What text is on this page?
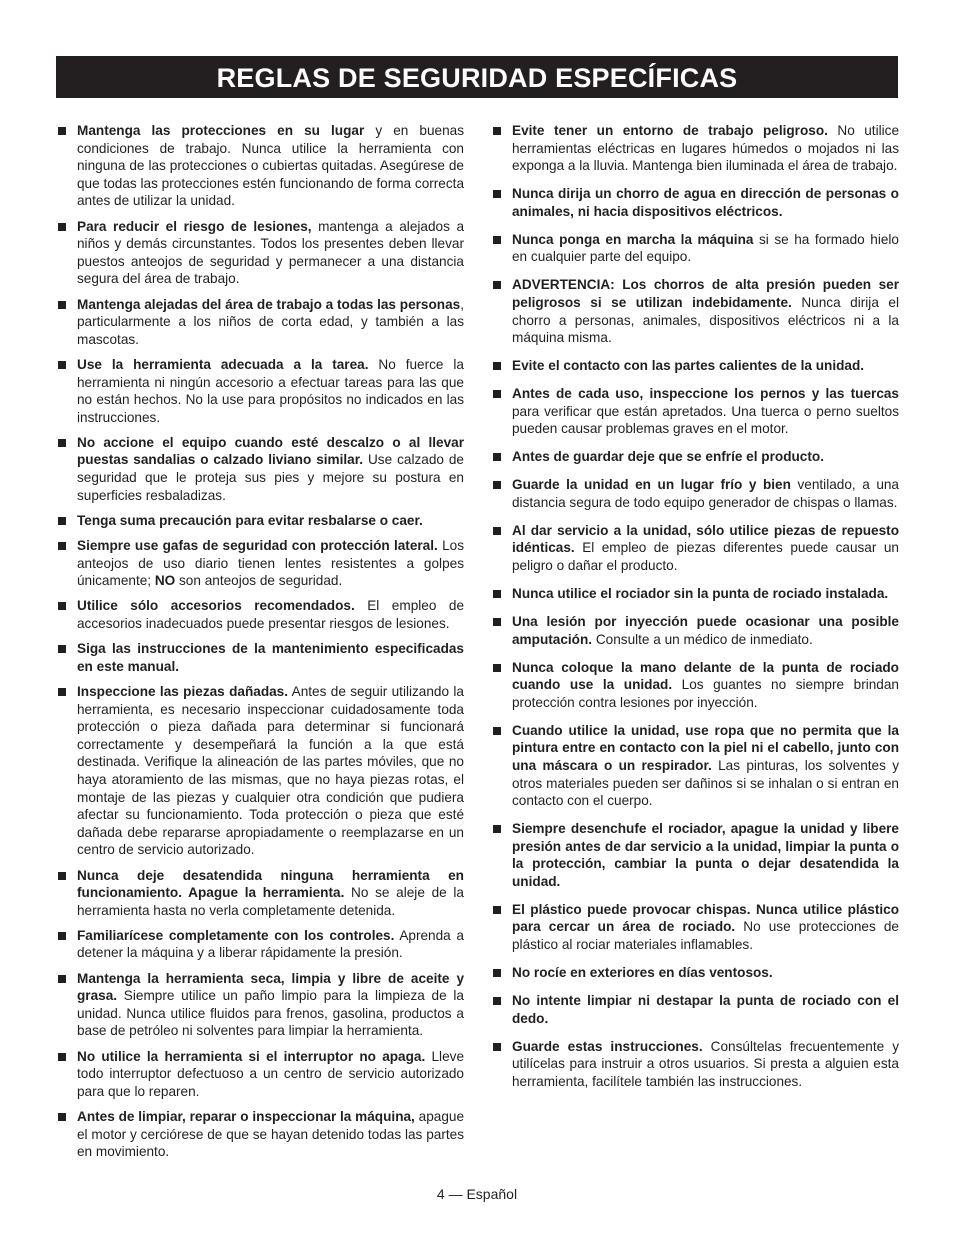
REGLAS DE SEGURIDAD ESPECÍFICAS
Mantenga las protecciones en su lugar y en buenas condiciones de trabajo. Nunca utilice la herramienta con ninguna de las protecciones o cubiertas quitadas. Asegúrese de que todas las protecciones estén funcionando de forma correcta antes de utilizar la unidad.
Para reducir el riesgo de lesiones, mantenga a alejados a niños y demás circunstantes. Todos los presentes deben llevar puestos anteojos de seguridad y permanecer a una distancia segura del área de trabajo.
Mantenga alejadas del área de trabajo a todas las personas, particularmente a los niños de corta edad, y también a las mascotas.
Use la herramienta adecuada a la tarea. No fuerce la herramienta ni ningún accesorio a efectuar tareas para las que no están hechos. No la use para propósitos no indicados en las instrucciones.
No accione el equipo cuando esté descalzo o al llevar puestas sandalias o calzado liviano similar. Use calzado de seguridad que le proteja sus pies y mejore su postura en superficies resbaladizas.
Tenga suma precaución para evitar resbalarse o caer.
Siempre use gafas de seguridad con protección lateral. Los anteojos de uso diario tienen lentes resistentes a golpes únicamente; NO son anteojos de seguridad.
Utilice sólo accesorios recomendados. El empleo de accesorios inadecuados puede presentar riesgos de lesiones.
Siga las instrucciones de la mantenimiento especificadas en este manual.
Inspeccione las piezas dañadas. Antes de seguir utilizando la herramienta, es necesario inspeccionar cuidadosamente toda protección o pieza dañada para determinar si funcionará correctamente y desempeñará la función a la que está destinada. Verifique la alineación de las partes móviles, que no haya atoramiento de las mismas, que no haya piezas rotas, el montaje de las piezas y cualquier otra condición que pudiera afectar su funcionamiento. Toda protección o pieza que esté dañada debe repararse apropiadamente o reemplazarse en un centro de servicio autorizado.
Nunca deje desatendida ninguna herramienta en funcionamiento. Apague la herramienta. No se aleje de la herramienta hasta no verla completamente detenida.
Familiarícese completamente con los controles. Aprenda a detener la máquina y a liberar rápidamente la presión.
Mantenga la herramienta seca, limpia y libre de aceite y grasa. Siempre utilice un paño limpio para la limpieza de la unidad. Nunca utilice fluidos para frenos, gasolina, productos a base de petróleo ni solventes para limpiar la herramienta.
No utilice la herramienta si el interruptor no apaga. Lleve todo interruptor defectuoso a un centro de servicio autorizado para que lo reparen.
Antes de limpiar, reparar o inspeccionar la máquina, apague el motor y cerciórese de que se hayan detenido todas las partes en movimiento.
Evite tener un entorno de trabajo peligroso. No utilice herramientas eléctricas en lugares húmedos o mojados ni las exponga a la lluvia. Mantenga bien iluminada el área de trabajo.
Nunca dirija un chorro de agua en dirección de personas o animales, ni hacia dispositivos eléctricos.
Nunca ponga en marcha la máquina si se ha formado hielo en cualquier parte del equipo.
ADVERTENCIA: Los chorros de alta presión pueden ser peligrosos si se utilizan indebidamente. Nunca dirija el chorro a personas, animales, dispositivos eléctricos ni a la máquina misma.
Evite el contacto con las partes calientes de la unidad.
Antes de cada uso, inspeccione los pernos y las tuercas para verificar que están apretados. Una tuerca o perno sueltos pueden causar problemas graves en el motor.
Antes de guardar deje que se enfríe el producto.
Guarde la unidad en un lugar frío y bien ventilado, a una distancia segura de todo equipo generador de chispas o llamas.
Al dar servicio a la unidad, sólo utilice piezas de repuesto idénticas. El empleo de piezas diferentes puede causar un peligro o dañar el producto.
Nunca utilice el rociador sin la punta de rociado instalada.
Una lesión por inyección puede ocasionar una posible amputación. Consulte a un médico de inmediato.
Nunca coloque la mano delante de la punta de rociado cuando use la unidad. Los guantes no siempre brindan protección contra lesiones por inyección.
Cuando utilice la unidad, use ropa que no permita que la pintura entre en contacto con la piel ni el cabello, junto con una máscara o un respirador. Las pinturas, los solventes y otros materiales pueden ser dañinos si se inhalan o si entran en contacto con el cuerpo.
Siempre desenchufe el rociador, apague la unidad y libere presión antes de dar servicio a la unidad, limpiar la punta o la protección, cambiar la punta o dejar desatendida la unidad.
El plástico puede provocar chispas. Nunca utilice plástico para cercar un área de rociado. No use protecciones de plástico al rociar materiales inflamables.
No rocíe en exteriores en días ventosos.
No intente limpiar ni destapar la punta de rociado con el dedo.
Guarde estas instrucciones. Consúltelas frecuentemente y utilícelas para instruir a otros usuarios. Si presta a alguien esta herramienta, facilítele también las instrucciones.
4 — Español
